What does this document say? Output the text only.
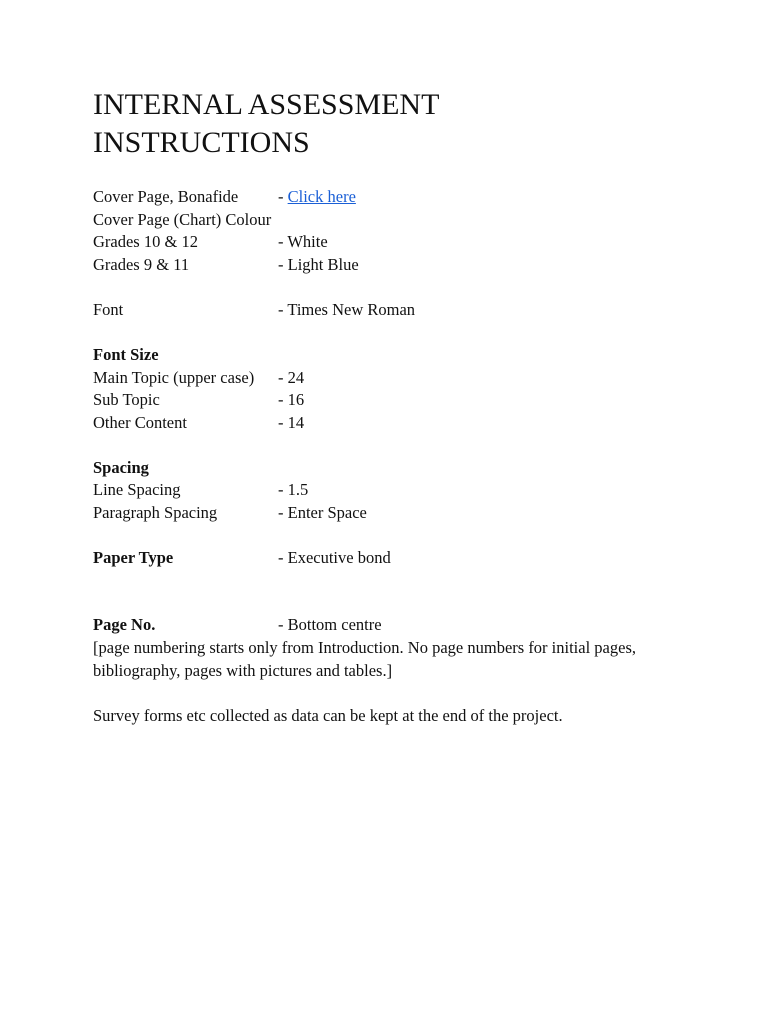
INTERNAL ASSESSMENT
INSTRUCTIONS
Cover Page, Bonafide - Click here
Cover Page (Chart) Colour
Grades 10 & 12	- White
Grades 9 & 11	- Light Blue
Font	- Times New Roman
Font Size
Main Topic (upper case) - 24
Sub Topic	- 16
Other Content	- 14
Spacing
Line Spacing	- 1.5
Paragraph Spacing	- Enter Space
Paper Type	- Executive bond
Page No.	- Bottom centre

[page numbering starts only from Introduction. No page numbers for initial pages, bibliography, pages with pictures and tables.]

Survey forms etc collected as data can be kept at the end of the project.
